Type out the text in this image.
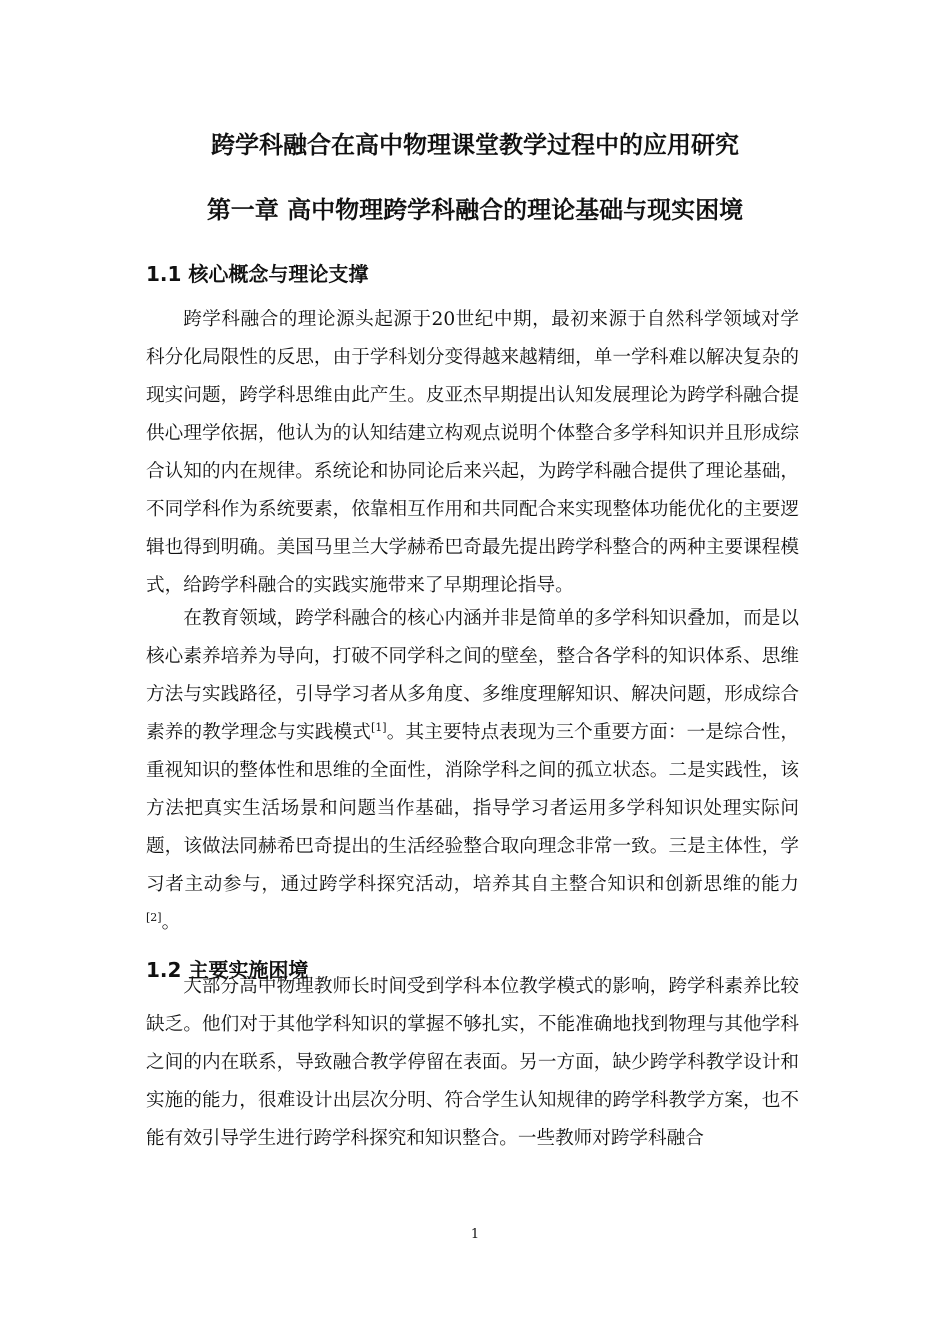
跨学科融合在高中物理课堂教学过程中的应用研究
第一章 高中物理跨学科融合的理论基础与现实困境
1.1 核心概念与理论支撑

跨学科融合的理论源头起源于20世纪中期，最初来源于自然科学领域对学科分化局限性的反思，由于学科划分变得越来越精细，单一学科难以解决复杂的现实问题，跨学科思维由此产生。皮亚杰早期提出认知发展理论为跨学科融合提供心理学依据，他认为的认知结建立构观点说明个体整合多学科知识并且形成综合认知的内在规律。系统论和协同论后来兴起，为跨学科融合提供了理论基础，不同学科作为系统要素，依靠相互作用和共同配合来实现整体功能优化的主要逻辑也得到明确。美国马里兰大学赫希巴奇最先提出跨学科整合的两种主要课程模式，给跨学科融合的实践实施带来了早期理论指导。

在教育领域，跨学科融合的核心内涵并非是简单的多学科知识叠加，而是以核心素养培养为导向，打破不同学科之间的壁垒，整合各学科的知识体系、思维方法与实践路径，引导学习者从多角度、多维度理解知识、解决问题，形成综合素养的教学理念与实践模式[1]。其主要特点表现为三个重要方面：一是综合性，重视知识的整体性和思维的全面性，消除学科之间的孤立状态。二是实践性，该方法把真实生活场景和问题当作基础，指导学习者运用多学科知识处理实际问题，该做法同赫希巴奇提出的生活经验整合取向理念非常一致。三是主体性，学习者主动参与，通过跨学科探究活动，培养其自主整合知识和创新思维的能力[2]。

1.2 主要实施困境

大部分高中物理教师长时间受到学科本位教学模式的影响，跨学科素养比较缺乏。他们对于其他学科知识的掌握不够扎实，不能准确地找到物理与其他学科之间的内在联系，导致融合教学停留在表面。另一方面，缺少跨学科教学设计和实施的能力，很难设计出层次分明、符合学生认知规律的跨学科教学方案，也不能有效引导学生进行跨学科探究和知识整合。一些教师对跨学科融合

1
